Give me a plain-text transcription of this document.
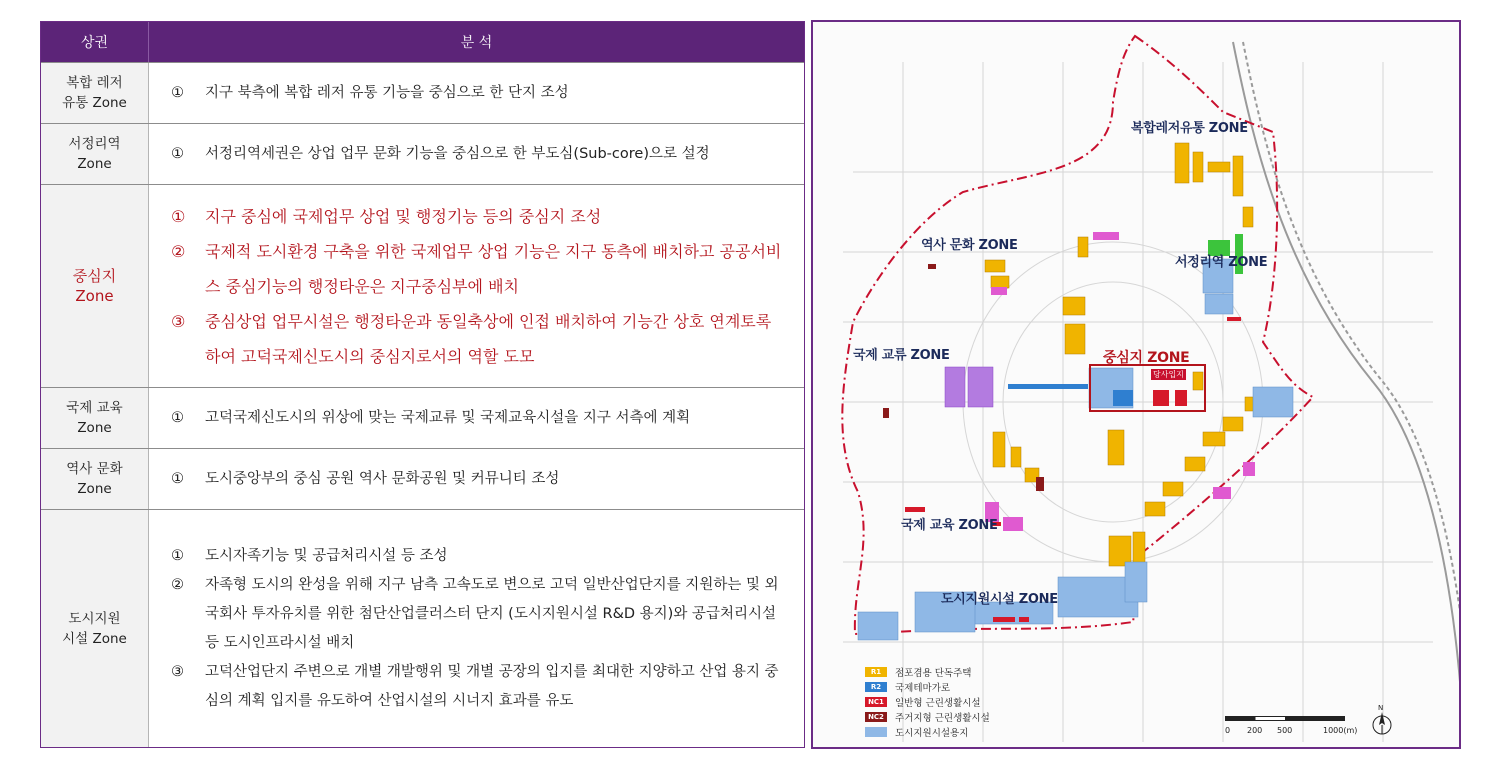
상권	분 석
복합 레저
유통 Zone
①	지구 북측에 복합 레저 유통 기능을 중심으로 한 단지 조성
서정리역
Zone
①	서정리역세권은 상업 업무 문화 기능을 중심으로 한 부도심(Sub-core)으로 설정
중심지
Zone
①	지구 중심에 국제업무 상업 및 행정기능 등의 중심지 조성
②	국제적 도시환경 구축을 위한 국제업무 상업 기능은 지구 동측에 배치하고 공공서비스 중심기능의 행정타운은 지구중심부에 배치
③	중심상업 업무시설은 행정타운과 동일축상에 인접 배치하여 기능간 상호 연계토록 하여 고덕국제신도시의 중심지로서의 역할 도모
국제 교육
Zone
①	고덕국제신도시의 위상에 맞는 국제교류 및 국제교육시설을 지구 서측에 계획
역사 문화
Zone
①	도시중앙부의 중심 공원 역사 문화공원 및 커뮤니티 조성
도시지원
시설 Zone
①	도시자족기능 및 공급처리시설 등 조성
②	자족형 도시의 완성을 위해 지구 남측 고속도로 변으로 고덕 일반산업단지를 지원하는 및 외국회사 투자유치를 위한 첨단산업클러스터 단지 (도시지원시설 R&D 용지)와 공급처리시설 등 도시인프라시설 배치
③	고덕산업단지 주변으로 개별 개발행위 및 개별 공장의 입지를 최대한 지양하고 산업 용지 중심의 계획 입지를 유도하여 산업시설의 시너지 효과를 유도
복합레저유통 ZONE
역사 문화 ZONE
서정리역 ZONE
국제 교류 ZONE	중심지 ZONE
국제 교육 ZONE
도시지원시설 ZONE
당사입지
R1	점포겸용 단독주택
R2	국제테마가로
NC1	일반형 근린생활시설
NC2	주거지형 근린생활시설
도시지원시설용지	0 200 500	1000(m)
N
